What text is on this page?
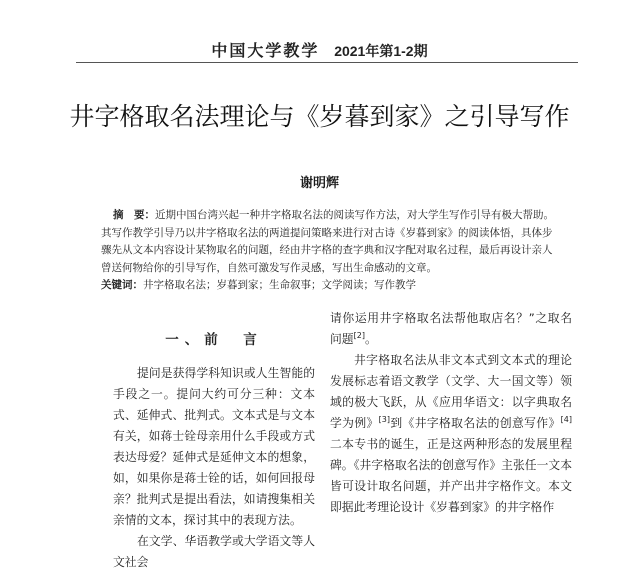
中国大学教学 2021年第1-2期
井字格取名法理论与《岁暮到家》之引导写作
谢明辉

摘　要：近期中国台湾兴起一种井字格取名法的阅读写作方法，对大学生写作引导有极大帮助。其写作教学引导乃以井字格取名法的两道提问策略来进行对古诗《岁暮到家》的阅读体悟，具体步骤先从文本内容设计某物取名的问题，经由井字格的查字典和汉字配对取名过程，最后再设计亲人曾送何物给你的引导写作，自然可激发写作灵感，写出生命感动的文章。

关键词：井字格取名法；岁暮到家；生命叙事；文学阅读；写作教学

一、前　言

提问是获得学科知识或人生智能的手段之一。提问大约可分三种：文本式、延伸式、批判式。文本式是与文本有关，如蒋士铨母亲用什么手段或方式表达母爱？延伸式是延伸文本的想象，如，如果你是蒋士铨的话，如何回报母亲？批判式是提出看法，如请搜集相关亲情的文本，探讨其中的表现方法。

在文学、华语教学或大学语文等人文社会

请你运用井字格取名法帮他取店名？”之取名问题[2]。

井字格取名法从非文本式到文本式的理论发展标志着语文教学（文学、大一国文等）领域的极大飞跃，从《应用华语文：以字典取名学为例》[3]到《井字格取名法的创意写作》[4]二本专书的诞生，正是这两种形态的发展里程碑。《井字格取名法的创意写作》主张任一文本皆可设计取名问题，并产出井字格作文。本文即据此考理论设计《岁暮到家》的井字格作
